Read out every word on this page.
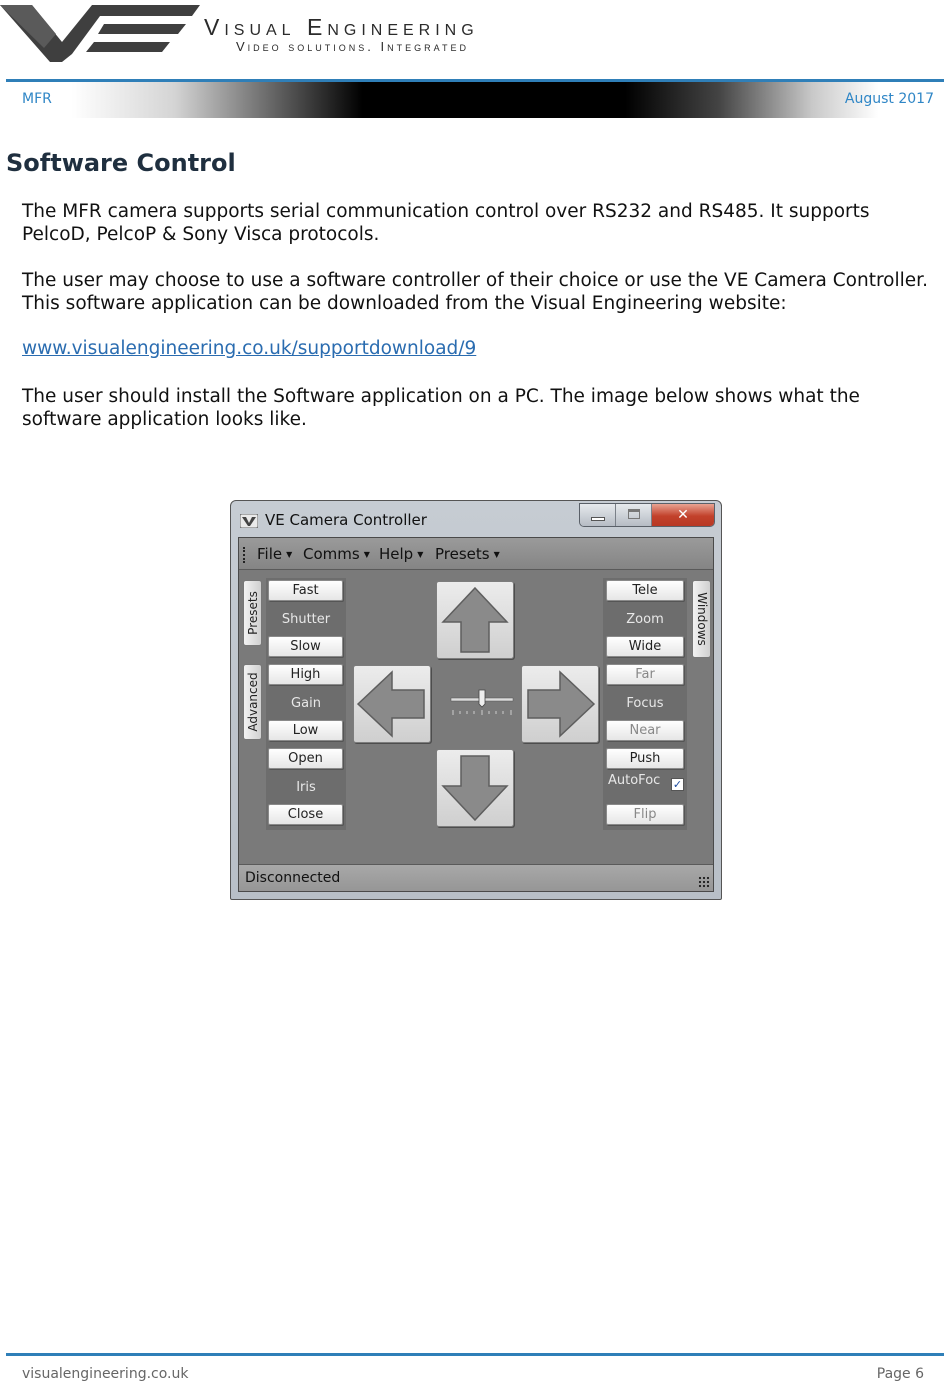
Visual Engineering
Video solutions. Integrated
MFR	August 2017
Software Control
The MFR camera supports serial communication control over RS232 and RS485. It supports PelcoD, PelcoP & Sony Visca protocols.
The user may choose to use a software controller of their choice or use the VE Camera Controller. This software application can be downloaded from the Visual Engineering website:
www.visualengineering.co.uk/supportdownload/9
The user should install the Software application on a PC. The image below shows what the software application looks like.
VE Camera Controller	✕
File ▼ Comms ▼ Help ▼ Presets ▼
Presets
Advanced
Fast
Shutter
Slow
High
Gain
Low
Open
Iris
Close
Tele
Zoom
Wide
Far
Focus
Near
Push
AutoFoc ✓
Flip
Windows
Disconnected
visualengineering.co.uk	Page 6
